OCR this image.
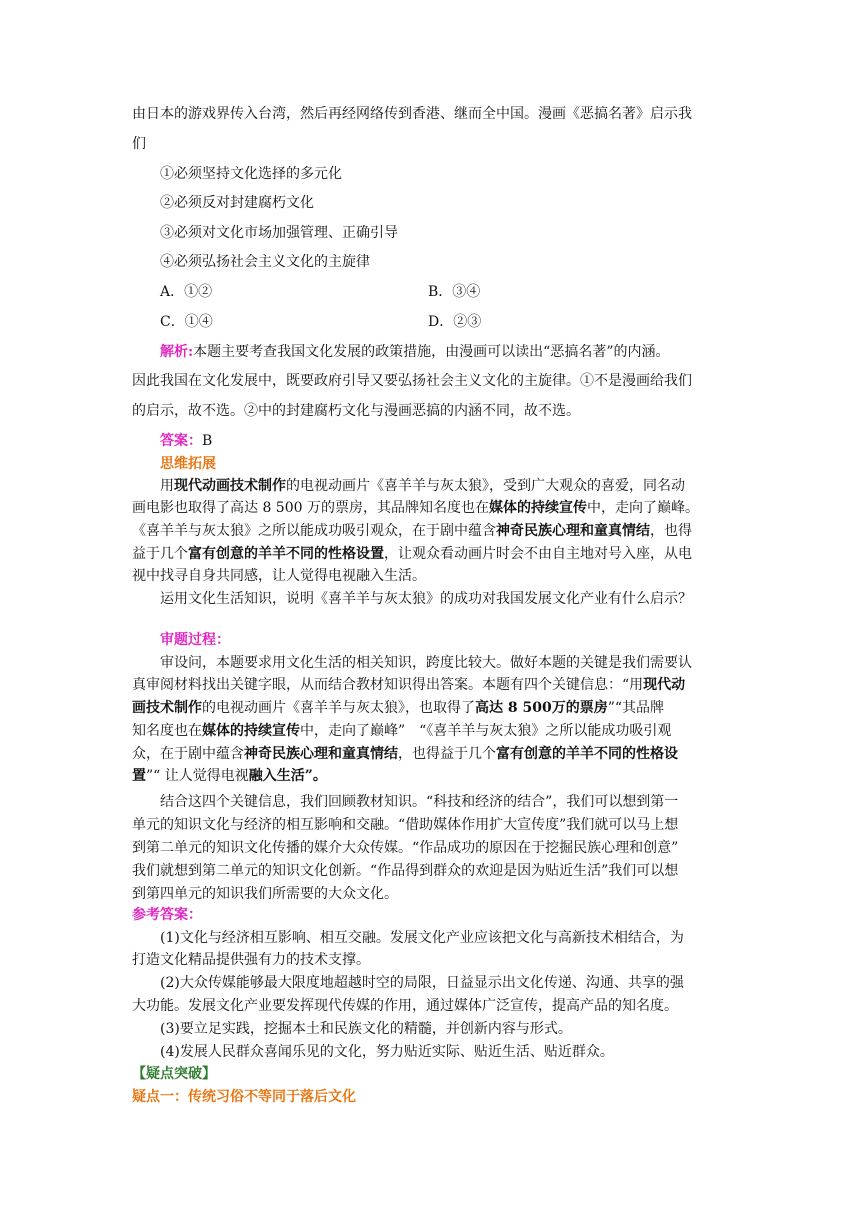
由日本的游戏界传入台湾，然后再经网络传到香港、继而全中国。漫画《恶搞名著》启示我
们
①必须坚持文化选择的多元化
②必须反对封建腐朽文化
③必须对文化市场加强管理、正确引导
④必须弘扬社会主义文化的主旋律
A．①②	B．③④
C．①④	D．②③
解析:本题主要考查我国文化发展的政策措施，由漫画可以读出“恶搞名著”的内涵。
因此我国在文化发展中，既要政府引导又要弘扬社会主义文化的主旋律。①不是漫画给我们
的启示，故不选。②中的封建腐朽文化与漫画恶搞的内涵不同，故不选。
答案：B
思维拓展
用现代动画技术制作的电视动画片《喜羊羊与灰太狼》，受到广大观众的喜爱，同名动
画电影也取得了高达 8 500 万的票房，其品牌知名度也在媒体的持续宣传中，走向了巅峰。
《喜羊羊与灰太狼》之所以能成功吸引观众，在于剧中蕴含神奇民族心理和童真情结，也得
益于几个富有创意的羊羊不同的性格设置，让观众看动画片时会不由自主地对号入座，从电
视中找寻自身共同感，让人觉得电视融入生活。
运用文化生活知识，说明《喜羊羊与灰太狼》的成功对我国发展文化产业有什么启示？
审题过程：
审设问，本题要求用文化生活的相关知识，跨度比较大。做好本题的关键是我们需要认
真审阅材料找出关键字眼，从而结合教材知识得出答案。本题有四个关键信息：“用现代动
画技术制作的电视动画片《喜羊羊与灰太狼》，也取得了高达 8 500万的票房”“其品牌
知名度也在媒体的持续宣传中，走向了巅峰”　“《喜羊羊与灰太狼》之所以能成功吸引观
众，在于剧中蕴含神奇民族心理和童真情结，也得益于几个富有创意的羊羊不同的性格设
置”“ 让人觉得电视融入生活”。
结合这四个关键信息，我们回顾教材知识。“科技和经济的结合”，我们可以想到第一
单元的知识文化与经济的相互影响和交融。“借助媒体作用扩大宣传度”我们就可以马上想
到第二单元的知识文化传播的媒介大众传媒。“作品成功的原因在于挖掘民族心理和创意”
我们就想到第二单元的知识文化创新。“作品得到群众的欢迎是因为贴近生活”我们可以想
到第四单元的知识我们所需要的大众文化。
参考答案：
(1)文化与经济相互影响、相互交融。发展文化产业应该把文化与高新技术相结合，为
打造文化精品提供强有力的技术支撑。
(2)大众传媒能够最大限度地超越时空的局限，日益显示出文化传递、沟通、共享的强
大功能。发展文化产业要发挥现代传媒的作用，通过媒体广泛宣传，提高产品的知名度。
(3)要立足实践，挖掘本土和民族文化的精髓，并创新内容与形式。
(4)发展人民群众喜闻乐见的文化，努力贴近实际、贴近生活、贴近群众。
【疑点突破】
疑点一：传统习俗不等同于落后文化
